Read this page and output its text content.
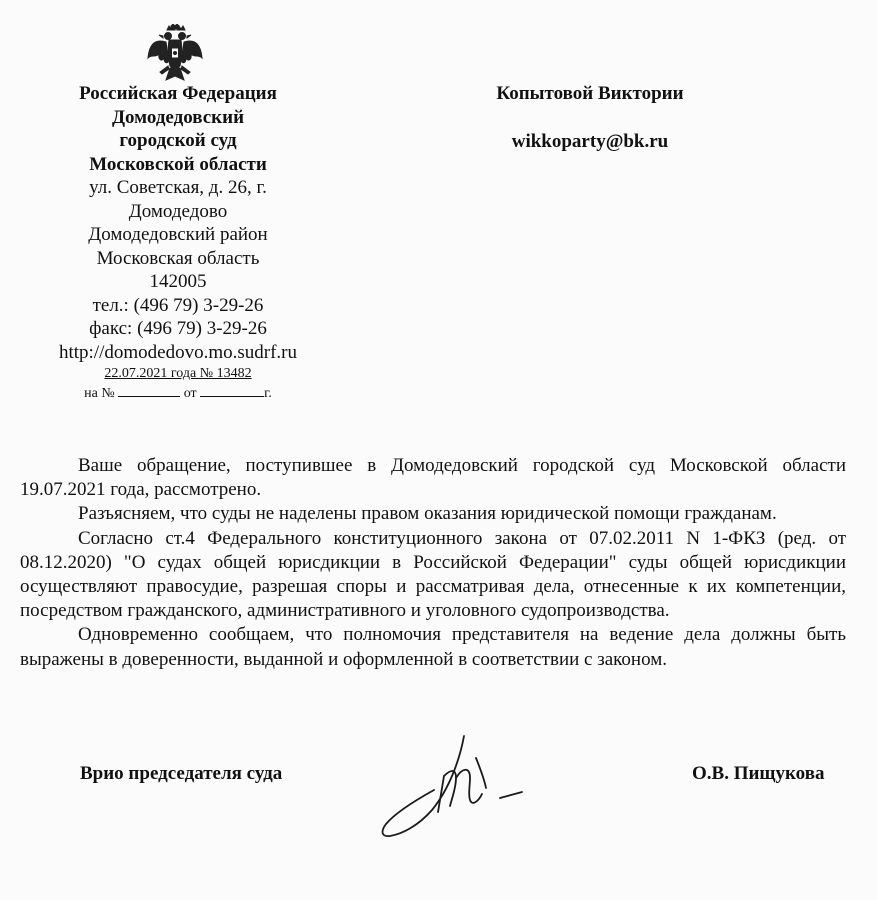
Российская Федерация
Домодедовский
городской суд
Московской области
ул. Советская, д. 26, г.
Домодедово
Домодедовский район
Московская область
142005
тел.: (496 79) 3-29-26
факс: (496 79) 3-29-26
http://domodedovo.mo.sudrf.ru
22.07.2021 года № 13482
на №	от	г.
Копытовой Виктории
wikkoparty@bk.ru

Ваше обращение, поступившее в Домодедовский городской суд Московской области 19.07.2021 года, рассмотрено.

Разъясняем, что суды не наделены правом оказания юридической помощи гражданам.

Согласно ст.4 Федерального конституционного закона от 07.02.2011 N 1-ФКЗ (ред. от 08.12.2020) "О судах общей юрисдикции в Российской Федерации" суды общей юрисдикции осуществляют правосудие, разрешая споры и рассматривая дела, отнесенные к их компетенции, посредством гражданского, административного и уголовного судопроизводства.

Одновременно сообщаем, что полномочия представителя на ведение дела должны быть выражены в доверенности, выданной и оформленной в соответствии с законом.

Врио председателя суда	О.В. Пищукова
